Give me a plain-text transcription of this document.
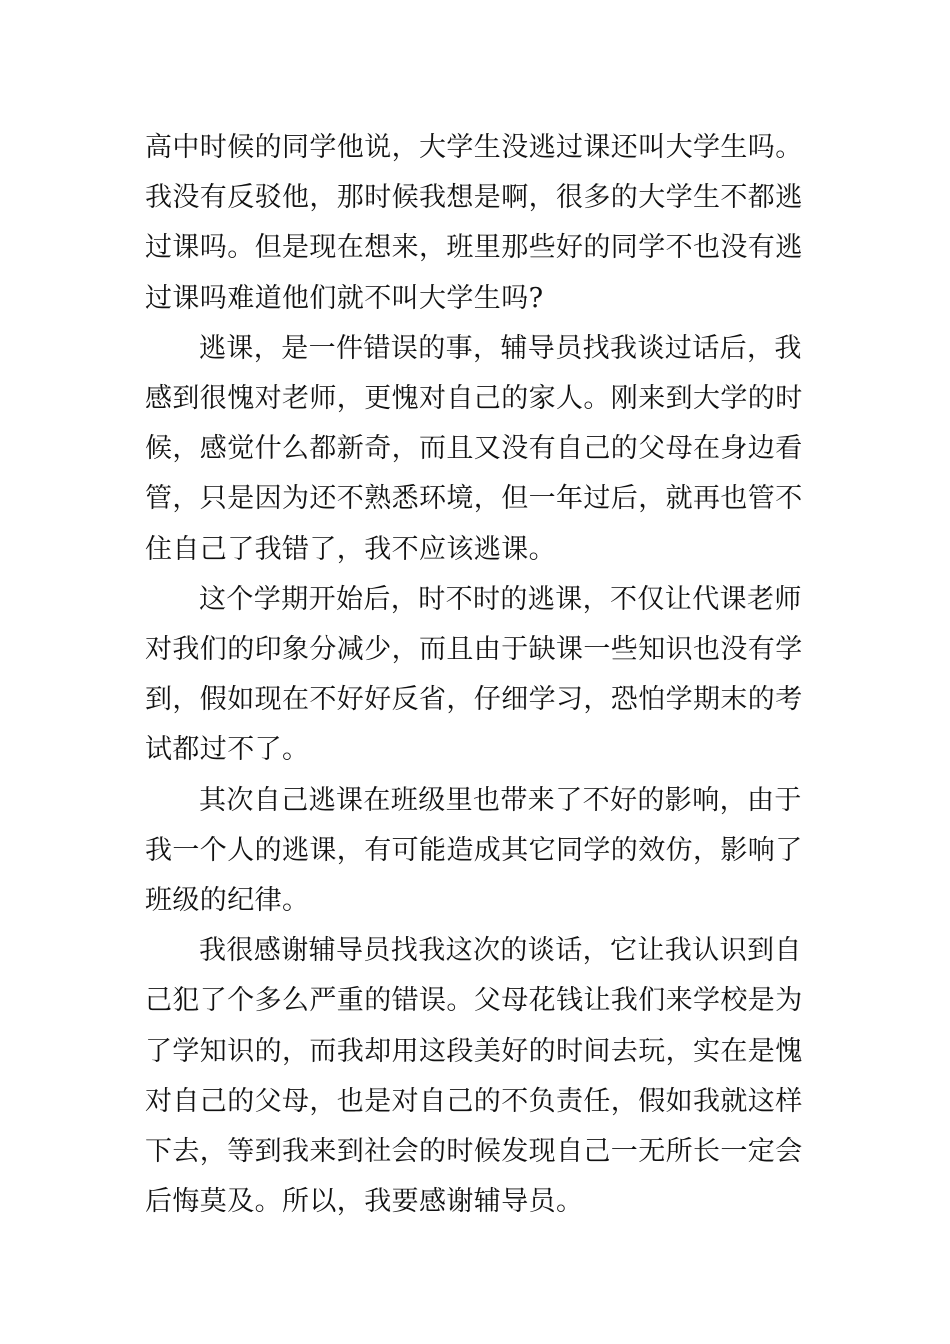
高中时候的同学他说，大学生没逃过课还叫大学生吗。我没有反驳他，那时候我想是啊，很多的大学生不都逃过课吗。但是现在想来，班里那些好的同学不也没有逃过课吗难道他们就不叫大学生吗?

逃课，是一件错误的事，辅导员找我谈过话后，我感到很愧对老师，更愧对自己的家人。刚来到大学的时候，感觉什么都新奇，而且又没有自己的父母在身边看管，只是因为还不熟悉环境，但一年过后，就再也管不住自己了我错了，我不应该逃课。

这个学期开始后，时不时的逃课，不仅让代课老师对我们的印象分减少，而且由于缺课一些知识也没有学到，假如现在不好好反省，仔细学习，恐怕学期末的考试都过不了。

其次自己逃课在班级里也带来了不好的影响，由于我一个人的逃课，有可能造成其它同学的效仿，影响了班级的纪律。

我很感谢辅导员找我这次的谈话，它让我认识到自己犯了个多么严重的错误。父母花钱让我们来学校是为了学知识的，而我却用这段美好的时间去玩，实在是愧对自己的父母，也是对自己的不负责任，假如我就这样下去，等到我来到社会的时候发现自己一无所长一定会后悔莫及。所以，我要感谢辅导员。
